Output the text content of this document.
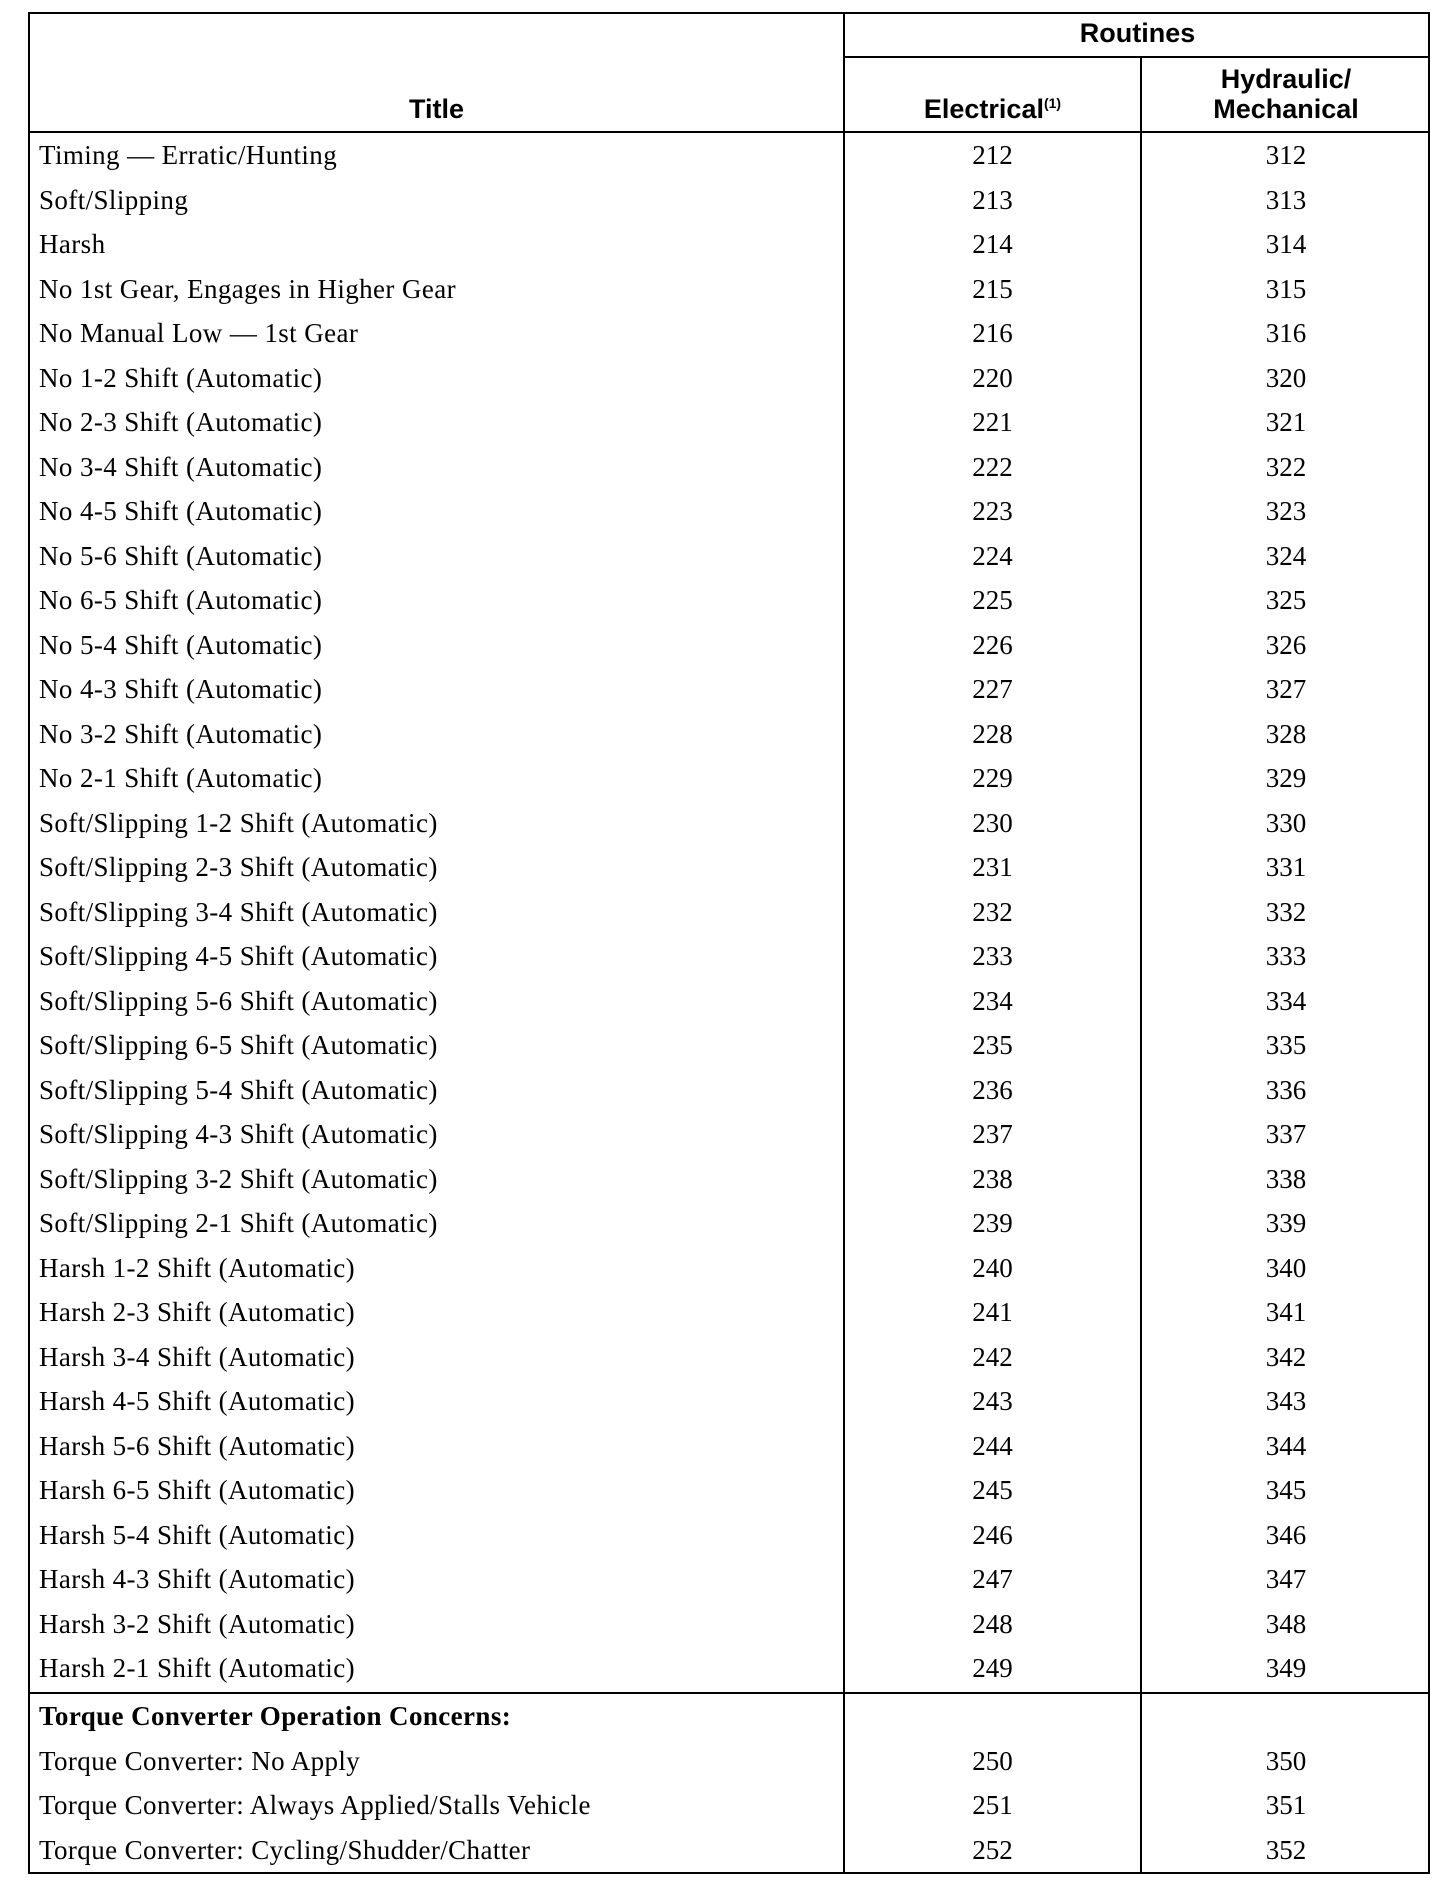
Routines
Title	Electrical$^{(1)}$
Hydraulic/
Mechanical
Timing — Erratic/Hunting	212	312
Soft/Slipping	213	313
Harsh	214	314
No 1st Gear, Engages in Higher Gear	215	315
No Manual Low — 1st Gear	216	316
No 1-2 Shift (Automatic)	220	320
No 2-3 Shift (Automatic)	221	321
No 3-4 Shift (Automatic)	222	322
No 4-5 Shift (Automatic)	223	323
No 5-6 Shift (Automatic)	224	324
No 6-5 Shift (Automatic)	225	325
No 5-4 Shift (Automatic)	226	326
No 4-3 Shift (Automatic)	227	327
No 3-2 Shift (Automatic)	228	328
No 2-1 Shift (Automatic)	229	329
Soft/Slipping 1-2 Shift (Automatic)	230	330
Soft/Slipping 2-3 Shift (Automatic)	231	331
Soft/Slipping 3-4 Shift (Automatic)	232	332
Soft/Slipping 4-5 Shift (Automatic)	233	333
Soft/Slipping 5-6 Shift (Automatic)	234	334
Soft/Slipping 6-5 Shift (Automatic)	235	335
Soft/Slipping 5-4 Shift (Automatic)	236	336
Soft/Slipping 4-3 Shift (Automatic)	237	337
Soft/Slipping 3-2 Shift (Automatic)	238	338
Soft/Slipping 2-1 Shift (Automatic)	239	339
Harsh 1-2 Shift (Automatic)	240	340
Harsh 2-3 Shift (Automatic)	241	341
Harsh 3-4 Shift (Automatic)	242	342
Harsh 4-5 Shift (Automatic)	243	343
Harsh 5-6 Shift (Automatic)	244	344
Harsh 6-5 Shift (Automatic)	245	345
Harsh 5-4 Shift (Automatic)	246	346
Harsh 4-3 Shift (Automatic)	247	347
Harsh 3-2 Shift (Automatic)	248	348
Harsh 2-1 Shift (Automatic)	249	349
Torque Converter Operation Concerns:
Torque Converter: No Apply	250	350
Torque Converter: Always Applied/Stalls Vehicle	251	351
Torque Converter: Cycling/Shudder/Chatter	252	352
